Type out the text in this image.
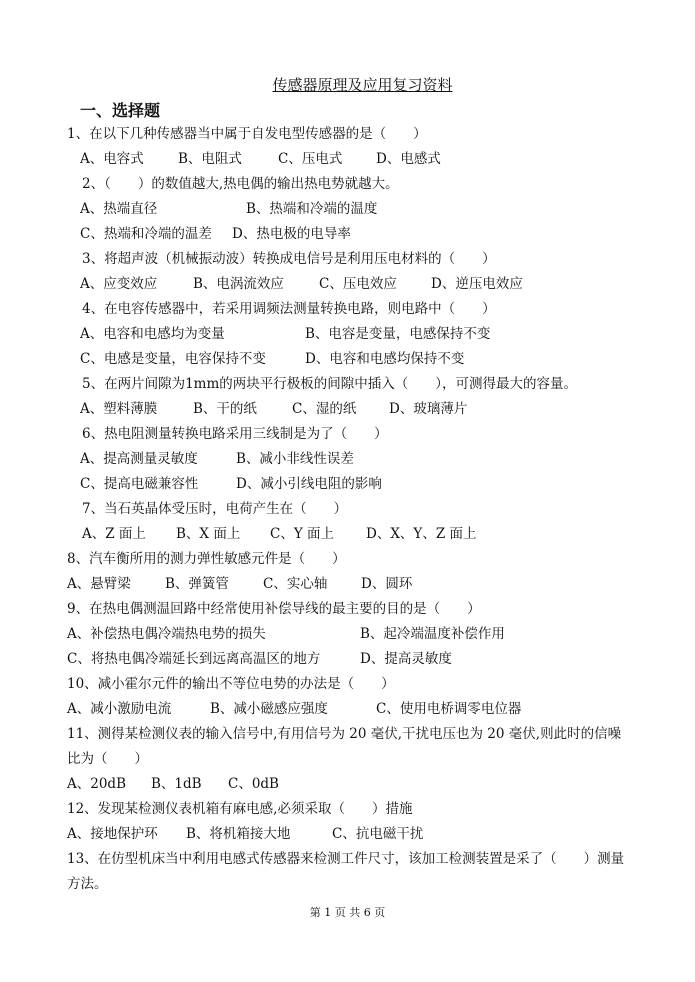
传感器原理及应用复习资料
一、选择题
1、在以下几种传感器当中属于自发电型传感器的是（　　）
A、电容式	B、电阻式	C、压电式 D、电感式
2、（　　）的数值越大,热电偶的输出热电势就越大。
A、热端直径	B、热端和冷端的温度
C、热端和冷端的温差 D、热电极的电导率
3、将超声波（机械振动波）转换成电信号是利用压电材料的（　　）
A、应变效应	B、电涡流效应	C、压电效应	D、逆压电效应
4、在电容传感器中，若采用调频法测量转换电路，则电路中（　　）
A、电容和电感均为变量	B、电容是变量，电感保持不变
C、电感是变量，电容保持不变	D、电容和电感均保持不变
5、在两片间隙为1mm的两块平行极板的间隙中插入（　　），可测得最大的容量。
A、塑料薄膜	B、干的纸	C、湿的纸 D、玻璃薄片
6、热电阻测量转换电路采用三线制是为了（　　）
A、提高测量灵敏度	B、减小非线性误差
C、提高电磁兼容性	D、减小引线电阻的影响
7、当石英晶体受压时，电荷产生在（　　）
A、Z 面上 B、X 面上 C、Y 面上 D、X、Y、Z 面上
8、汽车衡所用的测力弹性敏感元件是（　　）
A、悬臂梁	B、弹簧管	C、实心轴 D、圆环
9、在热电偶测温回路中经常使用补偿导线的最主要的目的是（　　）
A、补偿热电偶冷端热电势的损失	B、起冷端温度补偿作用
C、将热电偶冷端延长到远离高温区的地方	D、提高灵敏度
10、减小霍尔元件的输出不等位电势的办法是（　　）
A、减小激励电流	B、减小磁感应强度	C、使用电桥调零电位器
11、测得某检测仪表的输入信号中,有用信号为 20 毫伏,干扰电压也为 20 毫伏,则此时的信噪
比为（　　）
A、20dB B、1dB C、0dB
12、发现某检测仪表机箱有麻电感,必须采取（　　）措施
A、接地保护环 B、将机箱接大地	C、抗电磁干扰
13、在仿型机床当中利用电感式传感器来检测工件尺寸，该加工检测装置是采了（　　）测量
方法。
第 1 页 共 6 页
